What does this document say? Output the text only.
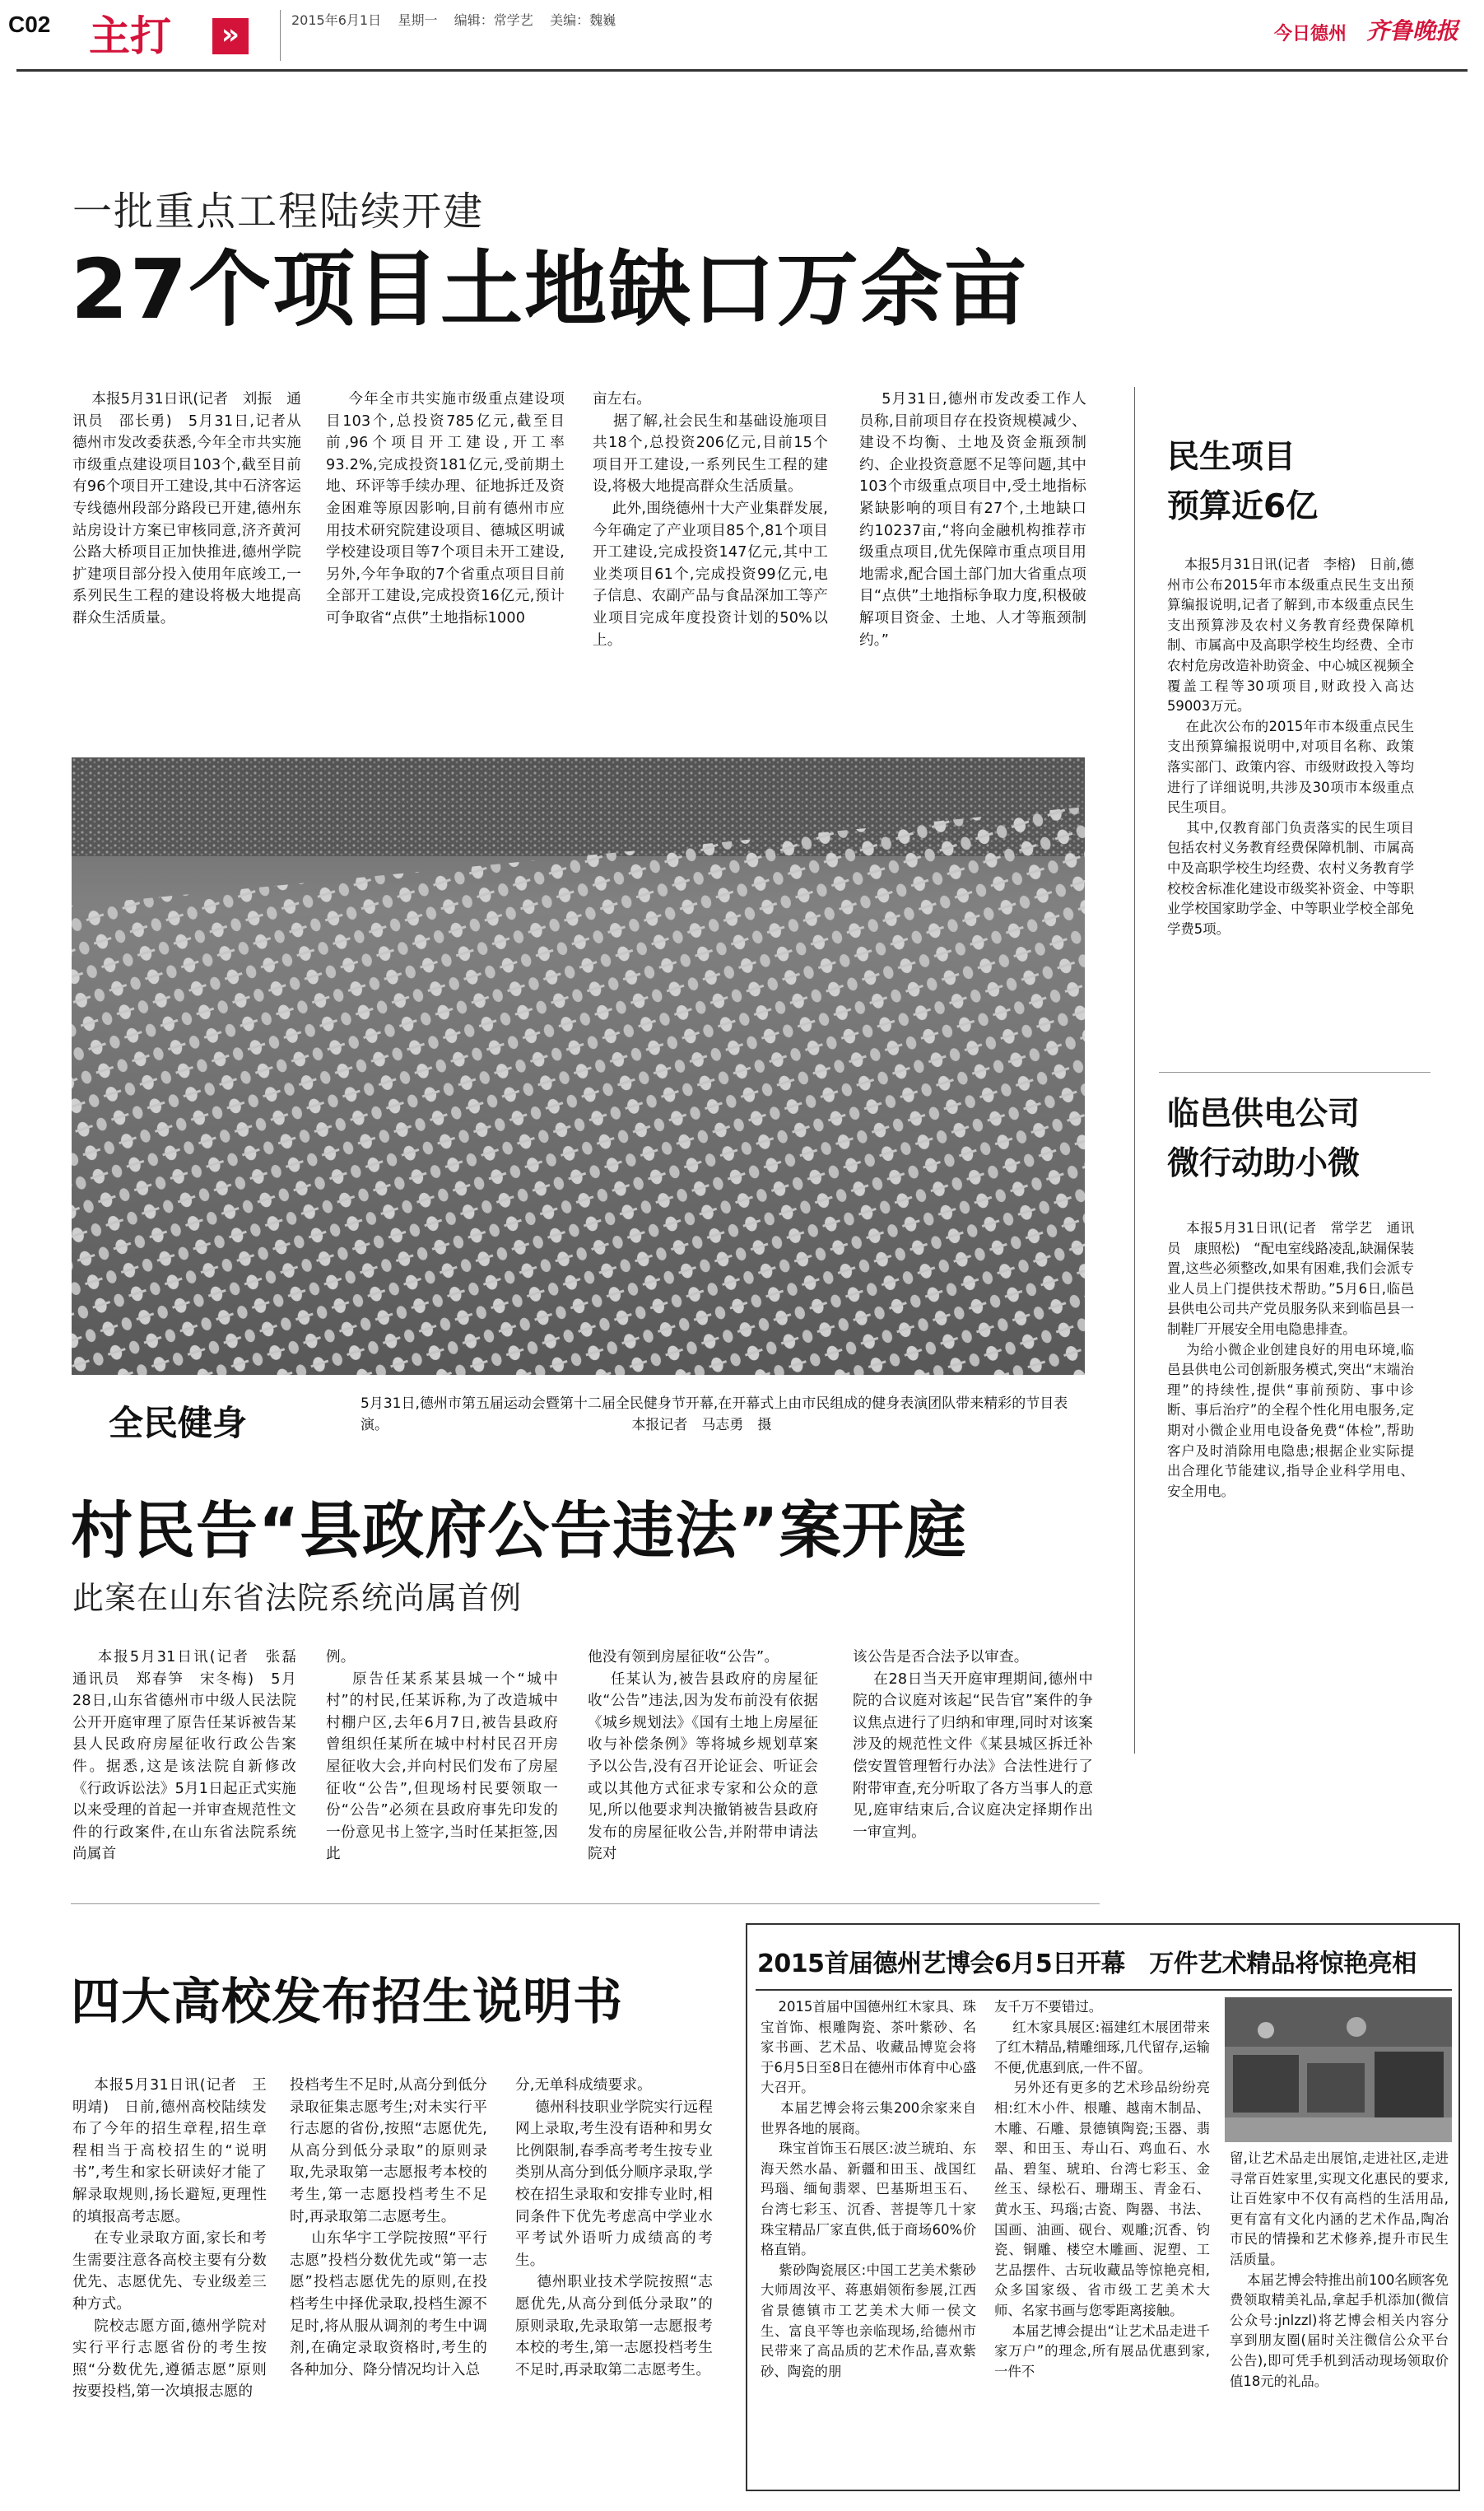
C02 主打	»	2015年6月1日 星期一 编辑：常学艺 美编：魏巍
今日德州 齐鲁晚报
一批重点工程陆续开建
27个项目土地缺口万余亩
本报5月31日讯(记者　刘振　通讯员　邵长勇)　5月31日,记者从德州市发改委获悉,今年全市共实施市级重点建设项目103个,截至目前有96个项目开工建设,其中石济客运专线德州段部分路段已开建,德州东站房设计方案已审核同意,济齐黄河公路大桥项目正加快推进,德州学院扩建项目部分投入使用年底竣工,一系列民生工程的建设将极大地提高群众生活质量。
今年全市共实施市级重点建设项目103个,总投资785亿元,截至目前,96个项目开工建设,开工率93.2%,完成投资181亿元,受前期土地、环评等手续办理、征地拆迁及资金困难等原因影响,目前有德州市应用技术研究院建设项目、德城区明诚学校建设项目等7个项目未开工建设,另外,今年争取的7个省重点项目目前全部开工建设,完成投资16亿元,预计可争取省“点供”土地指标1000
亩左右。
据了解,社会民生和基础设施项目共18个,总投资206亿元,目前15个项目开工建设,一系列民生工程的建设,将极大地提高群众生活质量。
此外,围绕德州十大产业集群发展,今年确定了产业项目85个,81个项目开工建设,完成投资147亿元,其中工业类项目61个,完成投资99亿元,电子信息、农副产品与食品深加工等产业项目完成年度投资计划的50%以上。
5月31日,德州市发改委工作人员称,目前项目存在投资规模减少、建设不均衡、土地及资金瓶颈制约、企业投资意愿不足等问题,其中103个市级重点项目中,受土地指标紧缺影响的项目有27个,土地缺口约10237亩,“将向金融机构推荐市级重点项目,优先保障市重点项目用地需求,配合国土部门加大省重点项目“点供”土地指标争取力度,积极破解项目资金、土地、人才等瓶颈制约。”
民生项目
预算近6亿
本报5月31日讯(记者　李榕)　日前,德州市公布2015年市本级重点民生支出预算编报说明,记者了解到,市本级重点民生支出预算涉及农村义务教育经费保障机制、市属高中及高职学校生均经费、全市农村危房改造补助资金、中心城区视频全覆盖工程等30项项目,财政投入高达59003万元。
在此次公布的2015年市本级重点民生支出预算编报说明中,对项目名称、政策落实部门、政策内容、市级财政投入等均进行了详细说明,共涉及30项市本级重点民生项目。
其中,仅教育部门负责落实的民生项目包括农村义务教育经费保障机制、市属高中及高职学校生均经费、农村义务教育学校校舍标准化建设市级奖补资金、中等职业学校国家助学金、中等职业学校全部免学费5项。
临邑供电公司
微行动助小微
本报5月31日讯(记者　常学艺　通讯员　康照松)　“配电室线路凌乱,缺漏保装置,这些必须整改,如果有困难,我们会派专业人员上门提供技术帮助。”5月6日,临邑县供电公司共产党员服务队来到临邑县一制鞋厂开展安全用电隐患排查。
为给小微企业创建良好的用电环境,临邑县供电公司创新服务模式,突出“末端治理”的持续性,提供“事前预防、事中诊断、事后治疗”的全程个性化用电服务,定期对小微企业用电设备免费“体检”,帮助客户及时消除用电隐患;根据企业实际提出合理化节能建议,指导企业科学用电、安全用电。
全民健身	5月31日,德州市第五届运动会暨第十二届全民健身节开幕,在开幕式上由市民组成的健身表演团队带来精彩的节目表演。	本报记者　马志勇　摄
村民告“县政府公告违法”案开庭
此案在山东省法院系统尚属首例
本报5月31日讯(记者　张磊　通讯员　郑春笋　宋冬梅)　5月28日,山东省德州市中级人民法院公开开庭审理了原告任某诉被告某县人民政府房屋征收行政公告案件。据悉,这是该法院自新修改《行政诉讼法》5月1日起正式实施以来受理的首起一并审查规范性文件的行政案件,在山东省法院系统尚属首
例。
原告任某系某县城一个“城中村”的村民,任某诉称,为了改造城中村棚户区,去年6月7日,被告县政府曾组织任某所在城中村村民召开房屋征收大会,并向村民们发布了房屋征收“公告”,但现场村民要领取一份“公告”必须在县政府事先印发的一份意见书上签字,当时任某拒签,因此
他没有领到房屋征收“公告”。
任某认为,被告县政府的房屋征收“公告”违法,因为发布前没有依据《城乡规划法》《国有土地上房屋征收与补偿条例》等将城乡规划草案予以公告,没有召开论证会、听证会或以其他方式征求专家和公众的意见,所以他要求判决撤销被告县政府发布的房屋征收公告,并附带申请法院对
该公告是否合法予以审查。
在28日当天开庭审理期间,德州中院的合议庭对该起“民告官”案件的争议焦点进行了归纳和审理,同时对该案涉及的规范性文件《某县城区拆迁补偿安置管理暂行办法》合法性进行了附带审查,充分听取了各方当事人的意见,庭审结束后,合议庭决定择期作出一审宣判。
四大高校发布招生说明书
本报5月31日讯(记者　王明靖)　日前,德州高校陆续发布了今年的招生章程,招生章程相当于高校招生的“说明书”,考生和家长研读好才能了解录取规则,扬长避短,更理性的填报高考志愿。
在专业录取方面,家长和考生需要注意各高校主要有分数优先、志愿优先、专业级差三种方式。
院校志愿方面,德州学院对实行平行志愿省份的考生按照“分数优先,遵循志愿”原则按要投档,第一次填报志愿的
投档考生不足时,从高分到低分录取征集志愿考生;对未实行平行志愿的省份,按照“志愿优先,从高分到低分录取”的原则录取,先录取第一志愿报考本校的考生,第一志愿投档考生不足时,再录取第二志愿考生。
山东华宇工学院按照“平行志愿”投档分数优先或“第一志愿”投档志愿优先的原则,在投档考生中择优录取,投档生源不足时,将从服从调剂的考生中调剂,在确定录取资格时,考生的各种加分、降分情况均计入总
分,无单科成绩要求。
德州科技职业学院实行远程网上录取,考生没有语种和男女比例限制,春季高考考生按专业类别从高分到低分顺序录取,学校在招生录取和安排专业时,相同条件下优先考虑高中学业水平考试外语听力成绩高的考生。
德州职业技术学院按照“志愿优先,从高分到低分录取”的原则录取,先录取第一志愿报考本校的考生,第一志愿投档考生不足时,再录取第二志愿考生。
2015首届德州艺博会6月5日开幕　万件艺术精品将惊艳亮相
2015首届中国德州红木家具、珠宝首饰、根雕陶瓷、茶叶紫砂、名家书画、艺术品、收藏品博览会将于6月5日至8日在德州市体育中心盛大召开。
本届艺博会将云集200余家来自世界各地的展商。
珠宝首饰玉石展区:波兰琥珀、东海天然水晶、新疆和田玉、战国红玛瑙、缅甸翡翠、巴基斯坦玉石、台湾七彩玉、沉香、菩提等几十家珠宝精品厂家直供,低于商场60%价格直销。
紫砂陶瓷展区:中国工艺美术紫砂大师周汝平、蒋惠娟领衔参展,江西省景德镇市工艺美术大师一侯文生、富良平等也亲临现场,给德州市民带来了高品质的艺术作品,喜欢紫砂、陶瓷的朋
友千万不要错过。
红木家具展区:福建红木展团带来了红木精品,精雕细琢,几代留存,运输不便,优惠到底,一件不留。
另外还有更多的艺术珍品纷纷亮相:红木小件、根雕、越南木制品、木雕、石雕、景德镇陶瓷;玉器、翡翠、和田玉、寿山石、鸡血石、水晶、碧玺、琥珀、台湾七彩玉、金丝玉、绿松石、珊瑚玉、青金石、黄水玉、玛瑙;古瓷、陶器、书法、国画、油画、砚台、观雕;沉香、钧瓷、铜雕、楼空木雕画、泥塑、工艺品摆件、古玩收藏品等惊艳亮相,众多国家级、省市级工艺美术大师、名家书画与您零距离接触。
本届艺博会提出“让艺术品走进千家万户”的理念,所有展品优惠到家,一件不
留,让艺术品走出展馆,走进社区,走进寻常百姓家里,实现文化惠民的要求,让百姓家中不仅有高档的生活用品,更有富有文化内涵的艺术作品,陶冶市民的情操和艺术修养,提升市民生活质量。
本届艺博会特推出前100名顾客免费领取精美礼品,拿起手机添加(微信公众号:jnlzzl)将艺博会相关内容分享到朋友圈(届时关注微信公众平台公告),即可凭手机到活动现场领取价值18元的礼品。
